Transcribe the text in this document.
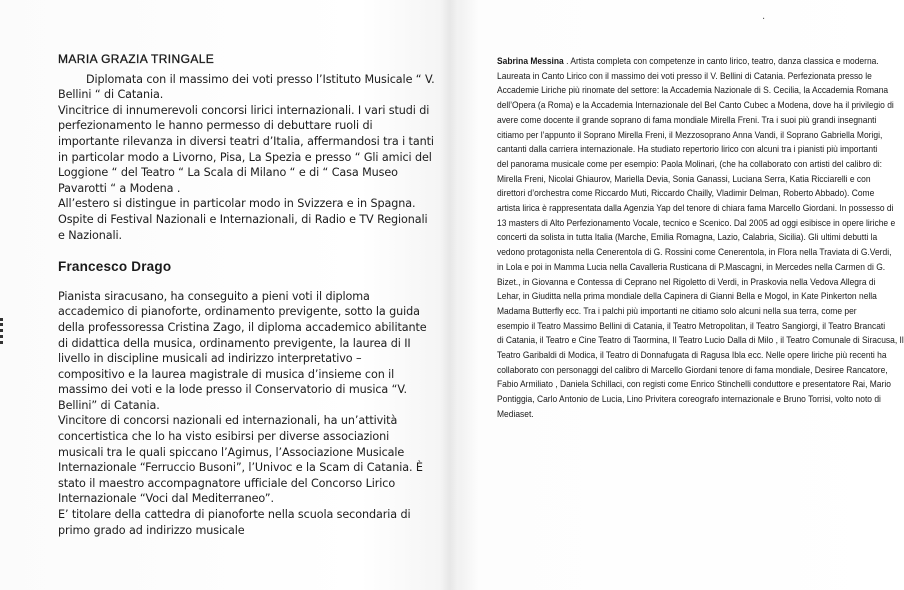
·
MARIA GRAZIA TRINGALE
Diplomata con il massimo dei voti presso l’Istituto Musicale “ V.
Bellini “ di Catania.
Vincitrice di innumerevoli concorsi lirici internazionali. I vari studi di
perfezionamento le hanno permesso di debuttare ruoli di
importante rilevanza in diversi teatri d’Italia, affermandosi tra i tanti
in particolar modo a Livorno, Pisa, La Spezia e presso “ Gli amici del
Loggione “ del Teatro “ La Scala di Milano “ e di “ Casa Museo
Pavarotti “ a Modena .
All’estero si distingue in particolar modo in Svizzera e in Spagna.
Ospite di Festival Nazionali e Internazionali, di Radio e TV Regionali
e Nazionali.
Francesco Drago
Pianista siracusano, ha conseguito a pieni voti il diploma
accademico di pianoforte, ordinamento previgente, sotto la guida
della professoressa Cristina Zago, il diploma accademico abilitante
di didattica della musica, ordinamento previgente, la laurea di II
livello in discipline musicali ad indirizzo interpretativo –
compositivo e la laurea magistrale di musica d’insieme con il
massimo dei voti e la lode presso il Conservatorio di musica “V.
Bellini” di Catania.
Vincitore di concorsi nazionali ed internazionali, ha un’attività
concertistica che lo ha visto esibirsi per diverse associazioni
musicali tra le quali spiccano l’Agimus, l’Associazione Musicale
Internazionale “Ferruccio Busoni”, l’Univoc e la Scam di Catania. È
stato il maestro accompagnatore ufficiale del Concorso Lirico
Internazionale “Voci dal Mediterraneo”.
E’ titolare della cattedra di pianoforte nella scuola secondaria di
primo grado ad indirizzo musicale
Sabrina Messina . Artista completa con competenze in canto lirico, teatro, danza classica e moderna.
Laureata in Canto Lirico con il massimo dei voti presso il V. Bellini di Catania. Perfezionata presso le
Accademie Liriche più rinomate del settore: la Accademia Nazionale di S. Cecilia, la Accademia Romana
dell’Opera (a Roma) e la Accademia Internazionale del Bel Canto Cubec a Modena, dove ha il privilegio di
avere come docente il grande soprano di fama mondiale Mirella Freni. Tra i suoi più grandi insegnanti
citiamo per l’appunto il Soprano Mirella Freni, il Mezzosoprano Anna Vandi, il Soprano Gabriella Morigi,
cantanti dalla carriera internazionale. Ha studiato repertorio lirico con alcuni tra i pianisti più importanti
del panorama musicale come per esempio: Paola Molinari, (che ha collaborato con artisti del calibro di:
Mirella Freni, Nicolai Ghiaurov, Mariella Devia, Sonia Ganassi, Luciana Serra, Katia Ricciarelli e con
direttori d’orchestra come Riccardo Muti, Riccardo Chailly, Vladimir Delman, Roberto Abbado). Come
artista lirica è rappresentata dalla Agenzia Yap del tenore di chiara fama Marcello Giordani. In possesso di
13 masters di Alto Perfezionamento Vocale, tecnico e Scenico. Dal 2005 ad oggi esibisce in opere liriche e
concerti da solista in tutta Italia (Marche, Emilia Romagna, Lazio, Calabria, Sicilia). Gli ultimi debutti la
vedono protagonista nella Cenerentola di G. Rossini come Cenerentola, in Flora nella Traviata di G.Verdi,
in Lola e poi in Mamma Lucia nella Cavalleria Rusticana di P.Mascagni, in Mercedes nella Carmen di G.
Bizet., in Giovanna e Contessa di Ceprano nel Rigoletto di Verdi, in Praskovia nella Vedova Allegra di
Lehar, in Giuditta nella prima mondiale della Capinera di Gianni Bella e Mogol, in Kate Pinkerton nella
Madama Butterfly ecc. Tra i palchi più importanti ne citiamo solo alcuni nella sua terra, come per
esempio il Teatro Massimo Bellini di Catania, il Teatro Metropolitan, il Teatro Sangiorgi, il Teatro Brancati
di Catania, il Teatro e Cine Teatro di Taormina, Il Teatro Lucio Dalla di Milo , il Teatro Comunale di Siracusa, Il
Teatro Garibaldi di Modica, il Teatro di Donnafugata di Ragusa Ibla ecc. Nelle opere liriche più recenti ha
collaborato con personaggi del calibro di Marcello Giordani tenore di fama mondiale, Desiree Rancatore,
Fabio Armiliato , Daniela Schillaci, con registi come Enrico Stinchelli conduttore e presentatore Rai, Mario
Pontiggia, Carlo Antonio de Lucia, Lino Privitera coreografo internazionale e Bruno Torrisi, volto noto di
Mediaset.
